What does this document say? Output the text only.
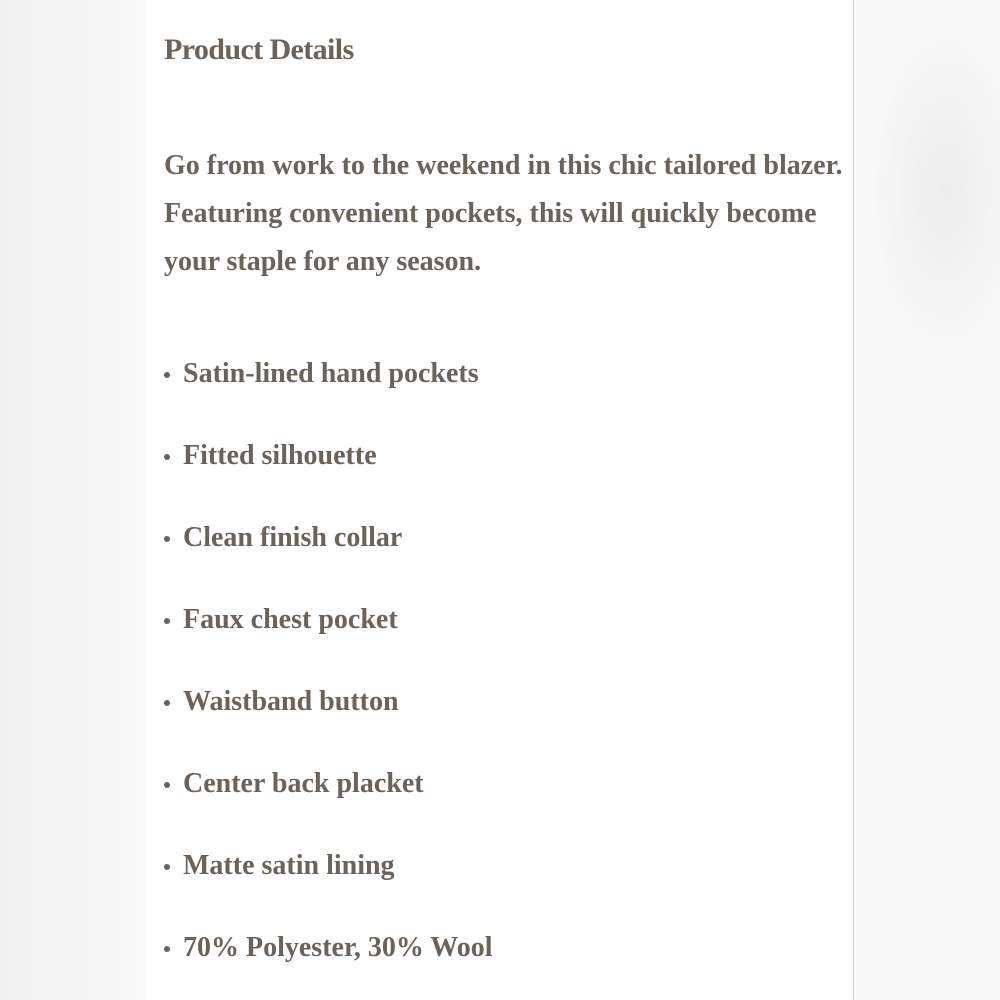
Product Details

Go from work to the weekend in this chic tailored blazer. Featuring convenient pockets, this will quickly become your staple for any season.

Satin-lined hand pockets
Fitted silhouette
Clean finish collar
Faux chest pocket
Waistband button
Center back placket
Matte satin lining
70% Polyester, 30% Wool
